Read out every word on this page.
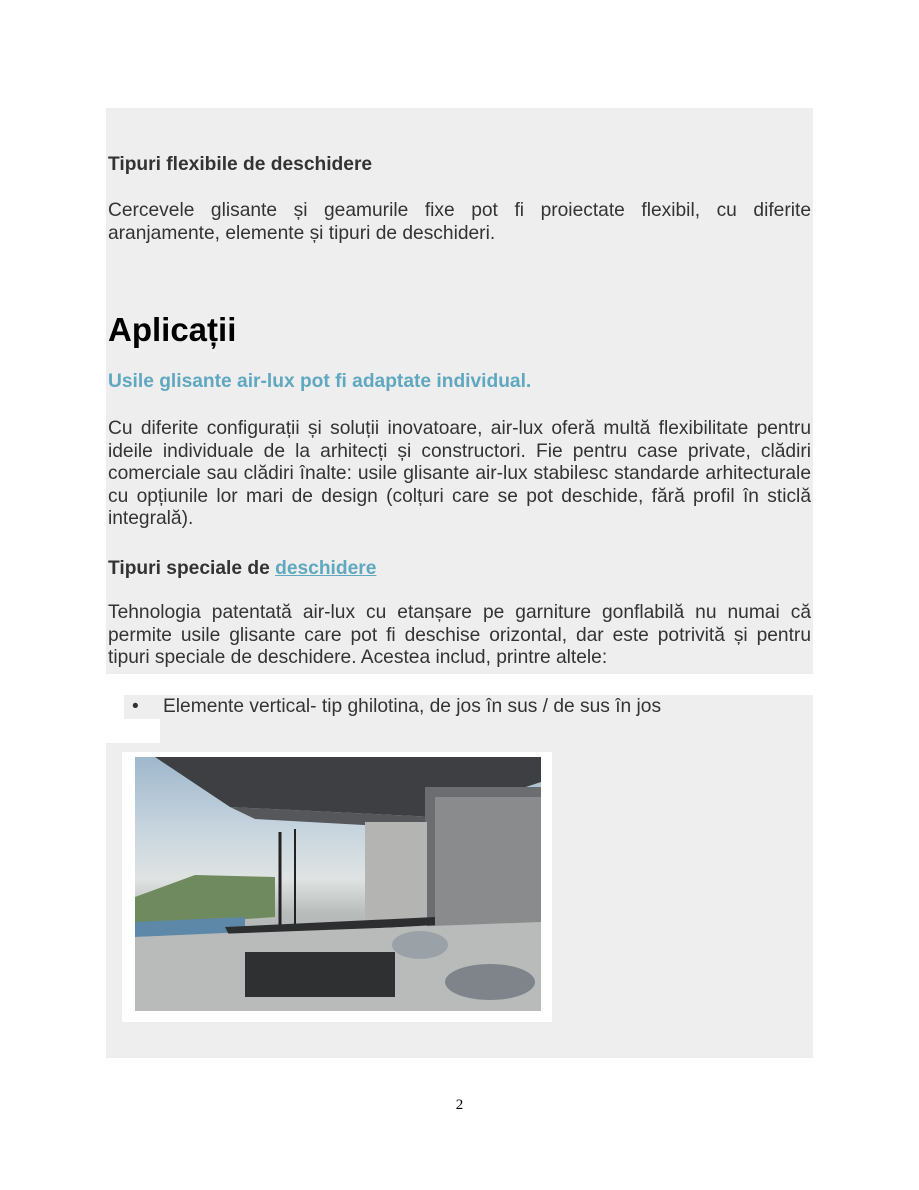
Tipuri flexibile de deschidere

Cercevele glisante și geamurile fixe pot fi proiectate flexibil, cu diferite aranjamente, elemente și tipuri de deschideri.

Aplicații
Usile glisante air-lux pot fi adaptate individual.

Cu diferite configurații și soluții inovatoare, air-lux oferă multă flexibilitate pentru ideile individuale de la arhitecți și constructori. Fie pentru case private, clădiri comerciale sau clădiri înalte: usile glisante air-lux stabilesc standarde arhitecturale cu opțiunile lor mari de design (colțuri care se pot deschide, fără profil în sticlă integrală).

Tipuri speciale de deschidere

Tehnologia patentată air-lux cu etanșare pe garniture gonflabilă nu numai că permite usile glisante care pot fi deschise orizontal, dar este potrivită și pentru tipuri speciale de deschidere. Acestea includ, printre altele:

• Elemente vertical- tip ghilotina, de jos în sus / de sus în jos
2
